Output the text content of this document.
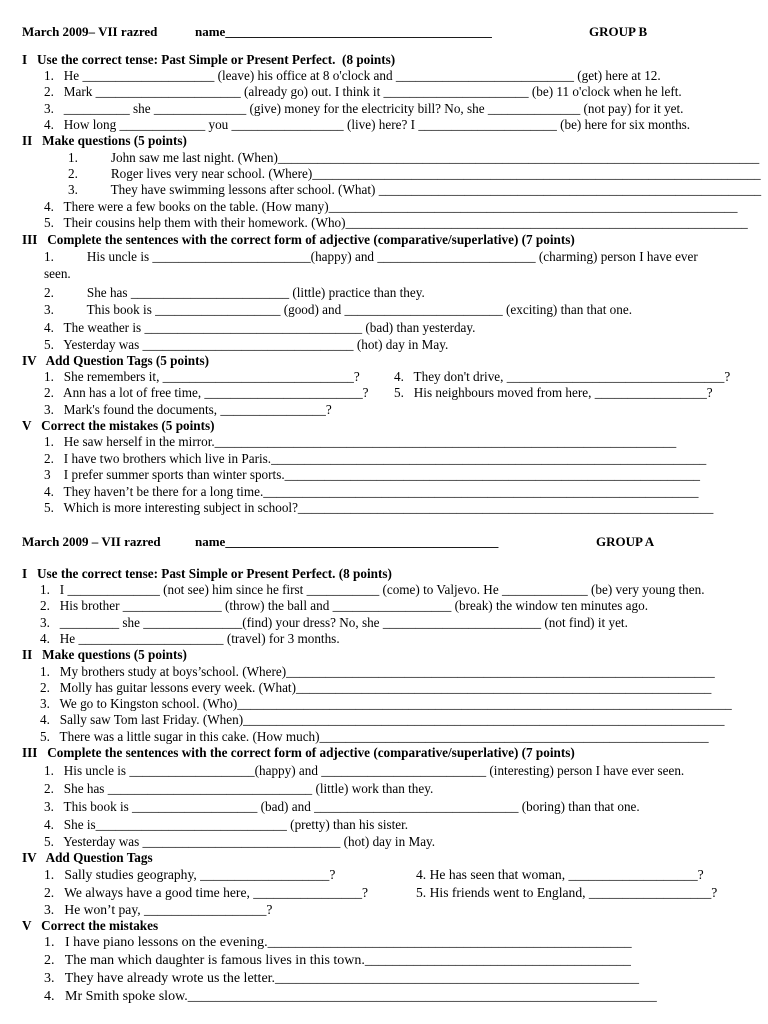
March 2009– VII razred	name_________________________________________	GROUP B
I   Use the correct tense: Past Simple or Present Perfect.  (8 points)
1.   He ____________________ (leave) his office at 8 o'clock and ___________________________ (get) here at 12.
2.   Mark ______________________ (already go) out. I think it ______________________ (be) 11 o'clock when he left.
3.   __________ she ______________ (give) money for the electricity bill? No, she ______________ (not pay) for it yet.
4.   How long _____________ you _________________ (live) here? I _____________________ (be) here for six months.
II   Make questions (5 points)
1.          John saw me last night. (When)_________________________________________________________________________
2.          Roger lives very near school. (Where)____________________________________________________________________
3.          They have swimming lessons after school. (What) __________________________________________________________
4.   There were a few books on the table. (How many)______________________________________________________________
5.   Their cousins help them with their homework. (Who)_____________________________________________________________
III   Complete the sentences with the correct form of adjective (comparative/superlative) (7 points)
1.          His uncle is ________________________(happy) and ________________________ (charming) person I have ever
seen.
2.          She has ________________________ (little) practice than they.
3.          This book is ___________________ (good) and ________________________ (exciting) than that one.
4.   The weather is _________________________________ (bad) than yesterday.
5.   Yesterday was ________________________________ (hot) day in May.
IV   Add Question Tags (5 points)
1.   She remembers it, _____________________________?
2.   Ann has a lot of free time, ________________________?
3.   Mark's found the documents, ________________?
4.   They don't drive, _________________________________?
5.   His neighbours moved from here, _________________?
V   Correct the mistakes (5 points)
1.   He saw herself in the mirror.______________________________________________________________________
2.   I have two brothers which live in Paris.__________________________________________________________________
3    I prefer summer sports than winter sports._______________________________________________________________
4.   They haven’t be there for a long time.__________________________________________________________________
5.   Which is more interesting subject in school?_______________________________________________________________
March 2009 – VII razred	name__________________________________________	GROUP A
I   Use the correct tense: Past Simple or Present Perfect. (8 points)
1.   I ______________ (not see) him since he first ___________ (come) to Valjevo. He _____________ (be) very young then.
2.   His brother _______________ (throw) the ball and __________________ (break) the window ten minutes ago.
3.   _________ she _______________(find) your dress? No, she ________________________ (not find) it yet.
4.   He ______________________ (travel) for 3 months.
II   Make questions (5 points)
1.   My brothers study at boys’school. (Where)_________________________________________________________________
2.   Molly has guitar lessons every week. (What)_______________________________________________________________
3.   We go to Kingston school. (Who)___________________________________________________________________________
4.   Sally saw Tom last Friday. (When)_________________________________________________________________________
5.   There was a little sugar in this cake. (How much)___________________________________________________________
III   Complete the sentences with the correct form of adjective (comparative/superlative) (7 points)
1.   His uncle is ___________________(happy) and _________________________ (interesting) person I have ever seen.
2.   She has _______________________________ (little) work than they.
3.   This book is ___________________ (bad) and _______________________________ (boring) than that one.
4.   She is_____________________________ (pretty) than his sister.
5.   Yesterday was ______________________________ (hot) day in May.
IV   Add Question Tags
1.   Sally studies geography, ___________________?
2.   We always have a good time here, ________________?
3.   He won’t pay, __________________?
4. He has seen that woman, ___________________?
5. His friends went to England, __________________?
V   Correct the mistakes
1.   I have piano lessons on the evening.____________________________________________________
2.   The man which daughter is famous lives in this town.______________________________________
3.   They have already wrote us the letter.____________________________________________________
4.   Mr Smith spoke slow.___________________________________________________________________
